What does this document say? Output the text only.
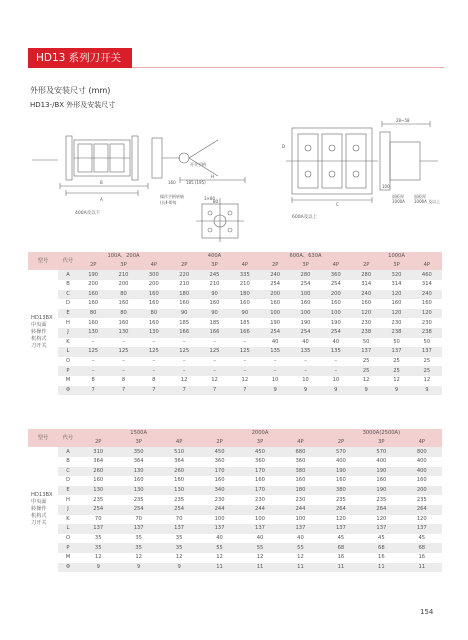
HD13 系列刀开关
外形及安装尺寸 (mm)
HD13-/BX 外形及安装尺寸
A
B
H
160	185 (195)
操作手柄转轴
(长Ⅱ-Ⅱ)每
开关手柄
80
3×80
400A及以下
600A及以上
C
D
面板厚
1000A
面板厚
1000A 及以上
28~58
100
型号	代号	100A、200A			400A			600A、630A			1000A		
		2P	3P	4P	2P	3P	4P	2P	3P	4P	2P	3P	4P

HD13BX
中央面
转操作
机构式
刀开关	A	190	210	300	220	245	335	240	280	360	280	320	460
	B	200	200	200	210	210	210	254	254	254	314	314	314
	C	160	80	160	180	90	180	200	100	200	240	120	240
	D	160	160	160	160	160	160	160	160	160	160	160	160
	E	80	80	80	90	90	90	100	100	100	120	120	120
	H	160	160	160	185	185	185	190	190	190	230	230	230
	J	130	130	130	166	166	166	254	254	254	238	238	238
	K	–	–	–	–	–	–	40	40	40	50	50	50
	L	125	125	125	125	125	125	135	135	135	137	137	137
	O	–	–	–	–	–	–	–	–	–	25	25	25
	P	–	–	–	–	–	–	–	–	–	25	25	25
	M	8	8	8	12	12	12	10	10	10	12	12	12
	Φ	7	7	7	7	7	7	9	9	9	9	9	9
型号	代号	1500A			2000A			3000A(2500A)		
		2P	3P	4P	2P	3P	4P	2P	3P	4P

HD13BX
中央面
转操作
机构式
刀开关	A	310	350	510	450	450	680	570	570	800
	B	364	364	364	360	360	360	400	400	400
	C	260	130	260	170	170	380	190	190	400
	D	160	160	160	160	160	160	160	160	160
	E	130	130	130	340	170	180	380	190	200
	H	235	235	235	230	230	230	235	235	235
	J	254	254	254	244	244	244	264	264	264
	K	70	70	70	100	100	100	120	120	120
	L	137	137	137	137	137	137	137	137	137
	O	35	35	35	40	40	40	45	45	45
	P	35	35	35	55	55	55	68	68	68
	M	12	12	12	12	12	12	16	16	16
	Φ	9	9	9	11	11	11	11	11	11
154
